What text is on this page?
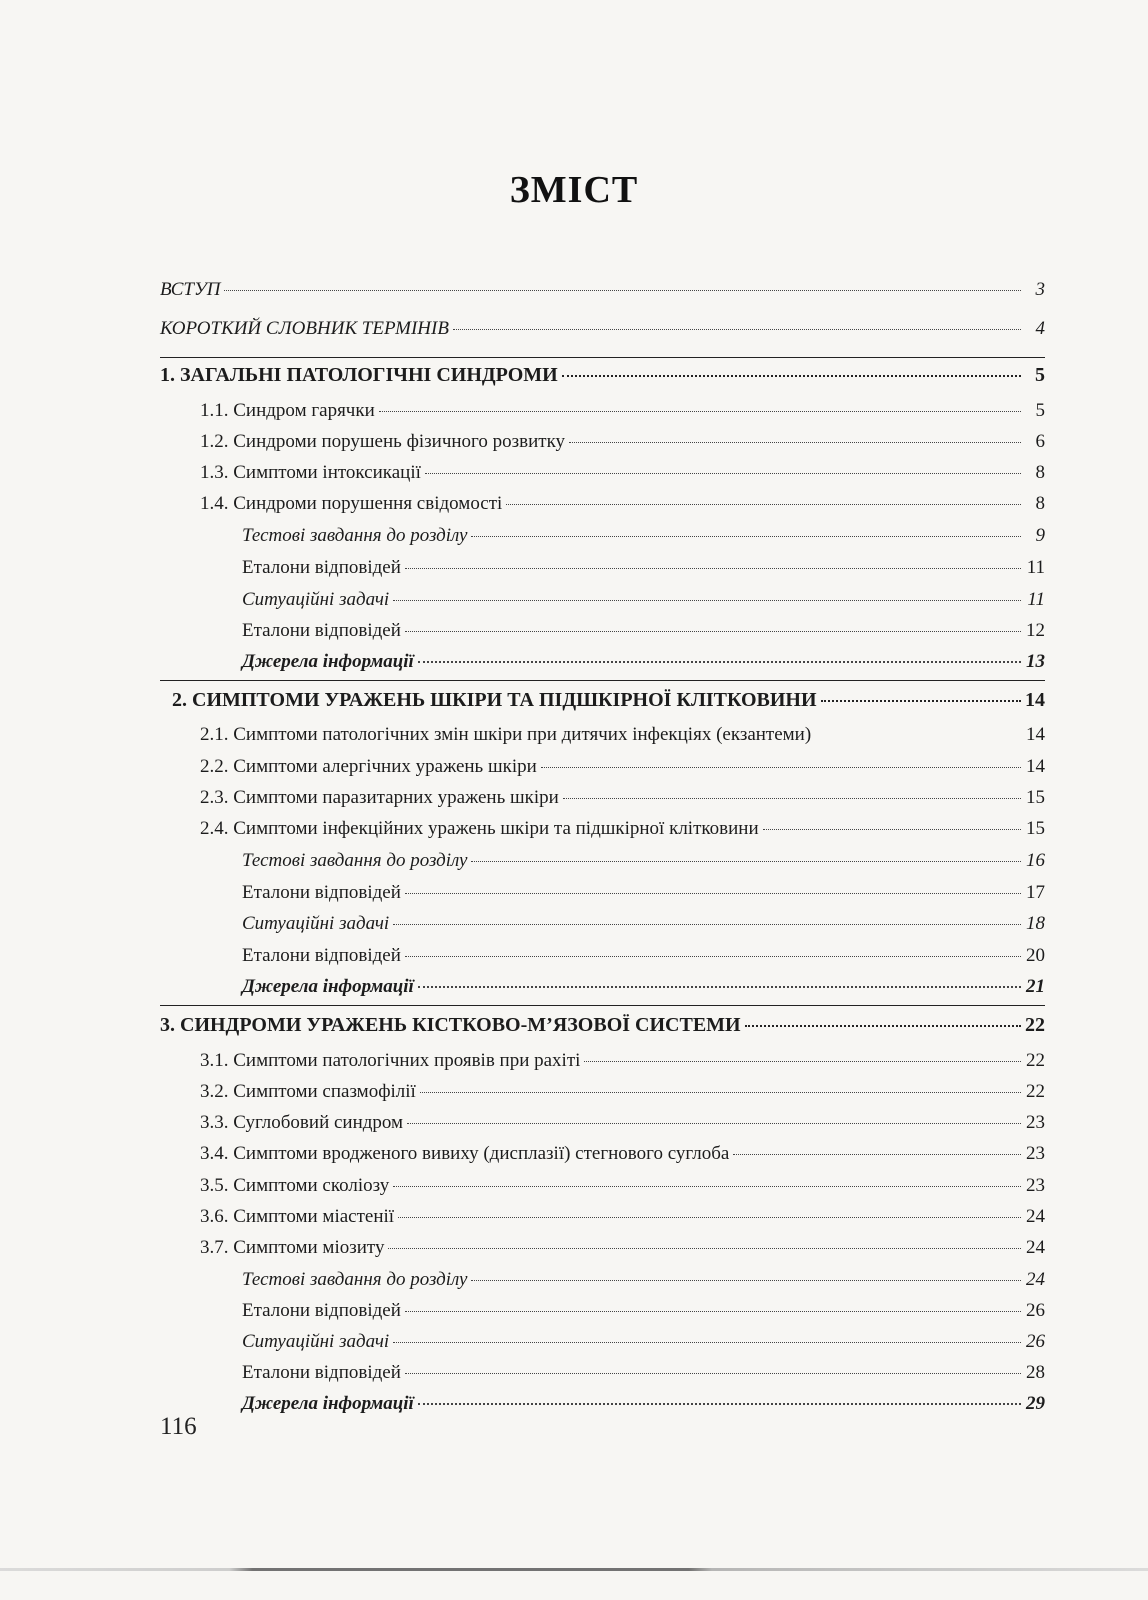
ЗМІСТ
ВСТУП	3
КОРОТКИЙ СЛОВНИК ТЕРМІНІВ	4
1. ЗАГАЛЬНІ ПАТОЛОГІЧНІ СИНДРОМИ	5
1.1. Синдром гарячки	5
1.2. Синдроми порушень фізичного розвитку	6
1.3. Симптоми інтоксикації	8
1.4. Синдроми порушення свідомості	8
Тестові завдання до розділу	9
Еталони відповідей	11
Ситуаційні задачі	11
Еталони відповідей	12
Джерела інформації	13
2. СИМПТОМИ УРАЖЕНЬ ШКІРИ ТА ПІДШКІРНОЇ КЛІТКОВИНИ	14
2.1. Симптоми патологічних змін шкіри при дитячих інфекціях (екзантеми)	14
2.2. Симптоми алергічних уражень шкіри	14
2.3. Симптоми паразитарних уражень шкіри	15
2.4. Симптоми інфекційних уражень шкіри та підшкірної клітковини	15
Тестові завдання до розділу	16
Еталони відповідей	17
Ситуаційні задачі	18
Еталони відповідей	20
Джерела інформації	21
3. СИНДРОМИ УРАЖЕНЬ КІСТКОВО-М’ЯЗОВОЇ СИСТЕМИ	22
3.1. Симптоми патологічних проявів при рахіті	22
3.2. Симптоми спазмофілії	22
3.3. Суглобовий синдром	23
3.4. Симптоми вродженого вивиху (дисплазії) стегнового суглоба	23
3.5. Симптоми сколіозу	23
3.6. Симптоми міастенії	24
3.7. Симптоми міозиту	24
Тестові завдання до розділу	24
Еталони відповідей	26
Ситуаційні задачі	26
Еталони відповідей	28
Джерела інформації	29
116
